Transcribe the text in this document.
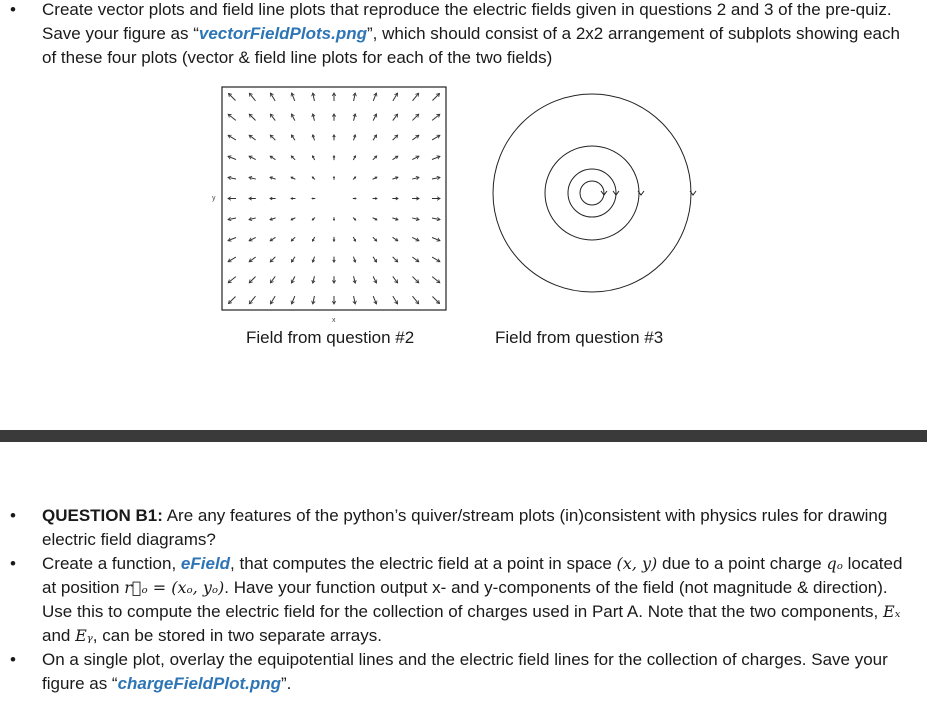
• Create vector plots and field line plots that reproduce the electric fields given in questions 2 and 3 of the pre-quiz. Save your figure as “vectorFieldPlots.png”, which should consist of a 2x2 arrangement of subplots showing each of these four plots (vector & field line plots for each of the two fields)
y
x
Field from question #2	Field from question #3
• QUESTION B1: Are any features of the python’s quiver/stream plots (in)consistent with physics rules for drawing electric field diagrams?
• Create a function, eField, that computes the electric field at a point in space (x, y) due to a point charge qₒ located at position r⃗ₒ = (xₒ, yₒ). Have your function output x- and y-components of the field (not magnitude & direction). Use this to compute the electric field for the collection of charges used in Part A. Note that the two components, Eₓ and Eᵧ, can be stored in two separate arrays.
• On a single plot, overlay the equipotential lines and the electric field lines for the collection of charges. Save your figure as “chargeFieldPlot.png”.
